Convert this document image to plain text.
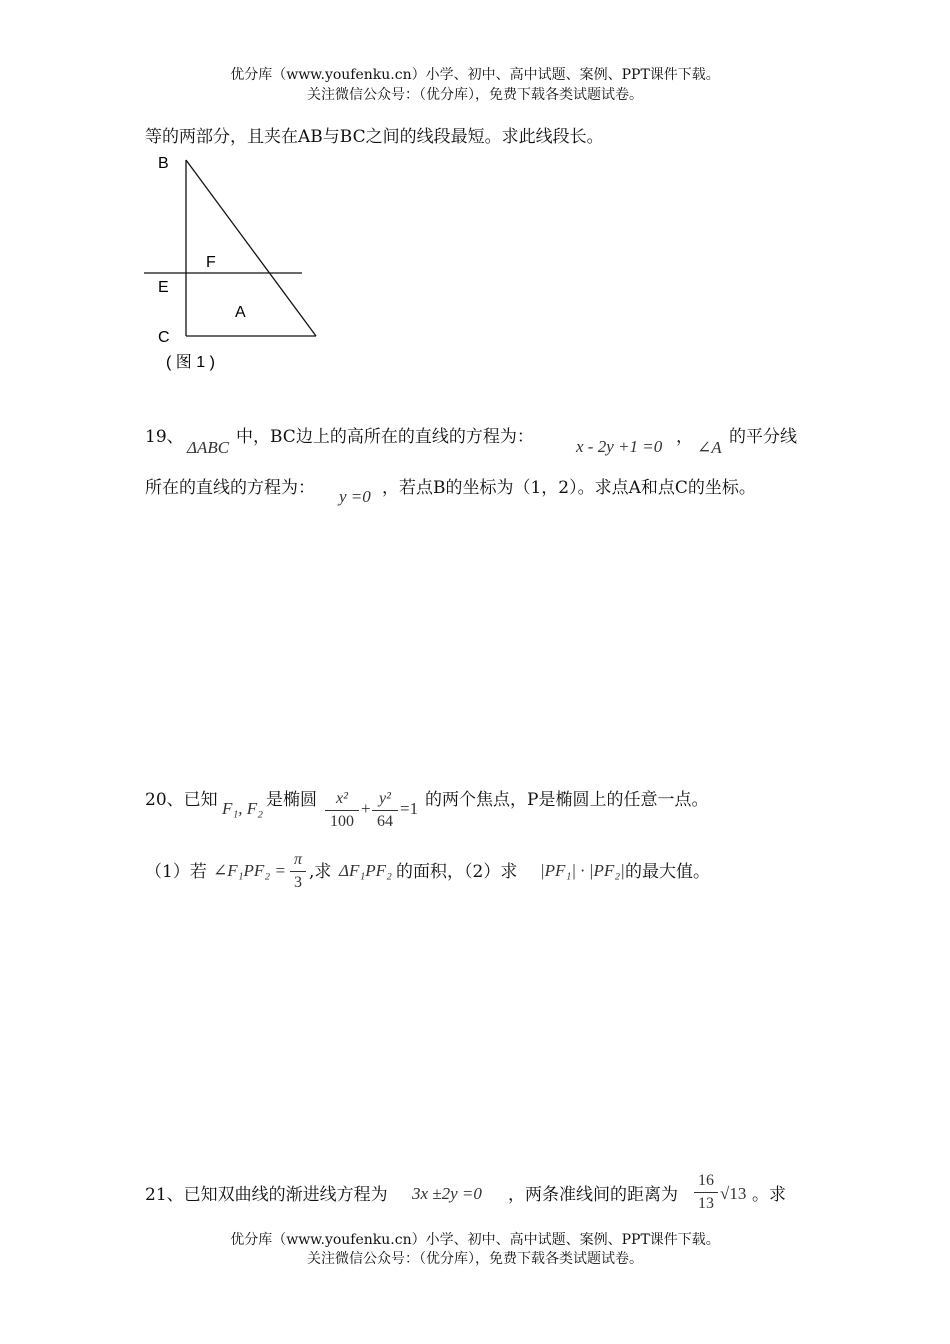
优分库（www.youfenku.cn）小学、初中、高中试题、案例、PPT课件下载。
关注微信公众号：（优分库），免费下载各类试题试卷。
等的两部分，且夹在AB与BC之间的线段最短。求此线段长。
B
F
E
A
C
( 图 1 )
19、
ΔABC
中，BC边上的高所在的直线的方程为： x - 2y +1 =0 ，
∠A
的平分线
所在的直线的方程为： y =0 ，若点B的坐标为（1，2）。求点A和点C的坐标。
20、已知 F₁, F₂ 是椭圆	x²
100
+
y²
64
=1 的两个焦点，P是椭圆上的任意一点。
（1）若 ∠F₁PF₂ =
π
3
,求 ΔF₁PF₂ 的面积，（2）求 |PF₁| · |PF₂| 的最大值。
21、已知双曲线的渐进线方程为 3x ±2y =0 ，两条准线间的距离为
16
13
√13 。求
优分库（www.youfenku.cn）小学、初中、高中试题、案例、PPT课件下载。
关注微信公众号：（优分库），免费下载各类试题试卷。
